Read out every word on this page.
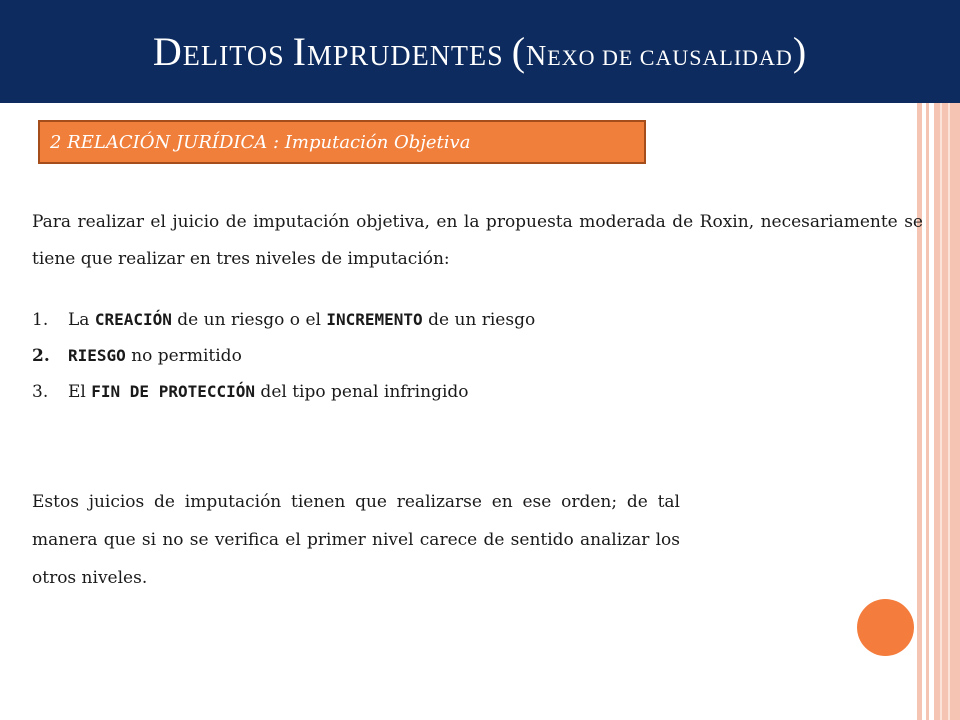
DELITOS IMPRUDENTES (NEXO DE CAUSALIDAD)
2 RELACIÓN JURÍDICA : Imputación Objetiva
Para realizar el juicio de imputación objetiva, en la propuesta moderada de Roxin, necesariamente se tiene que realizar en tres niveles de imputación:
1. La CREACIÓN de un riesgo o el INCREMENTO de un riesgo
2. RIESGO no permitido
3. El FIN DE PROTECCIÓN del tipo penal infringido
Estos juicios de imputación tienen que realizarse en ese orden; de tal manera que si no se verifica el primer nivel carece de sentido analizar los otros niveles.
